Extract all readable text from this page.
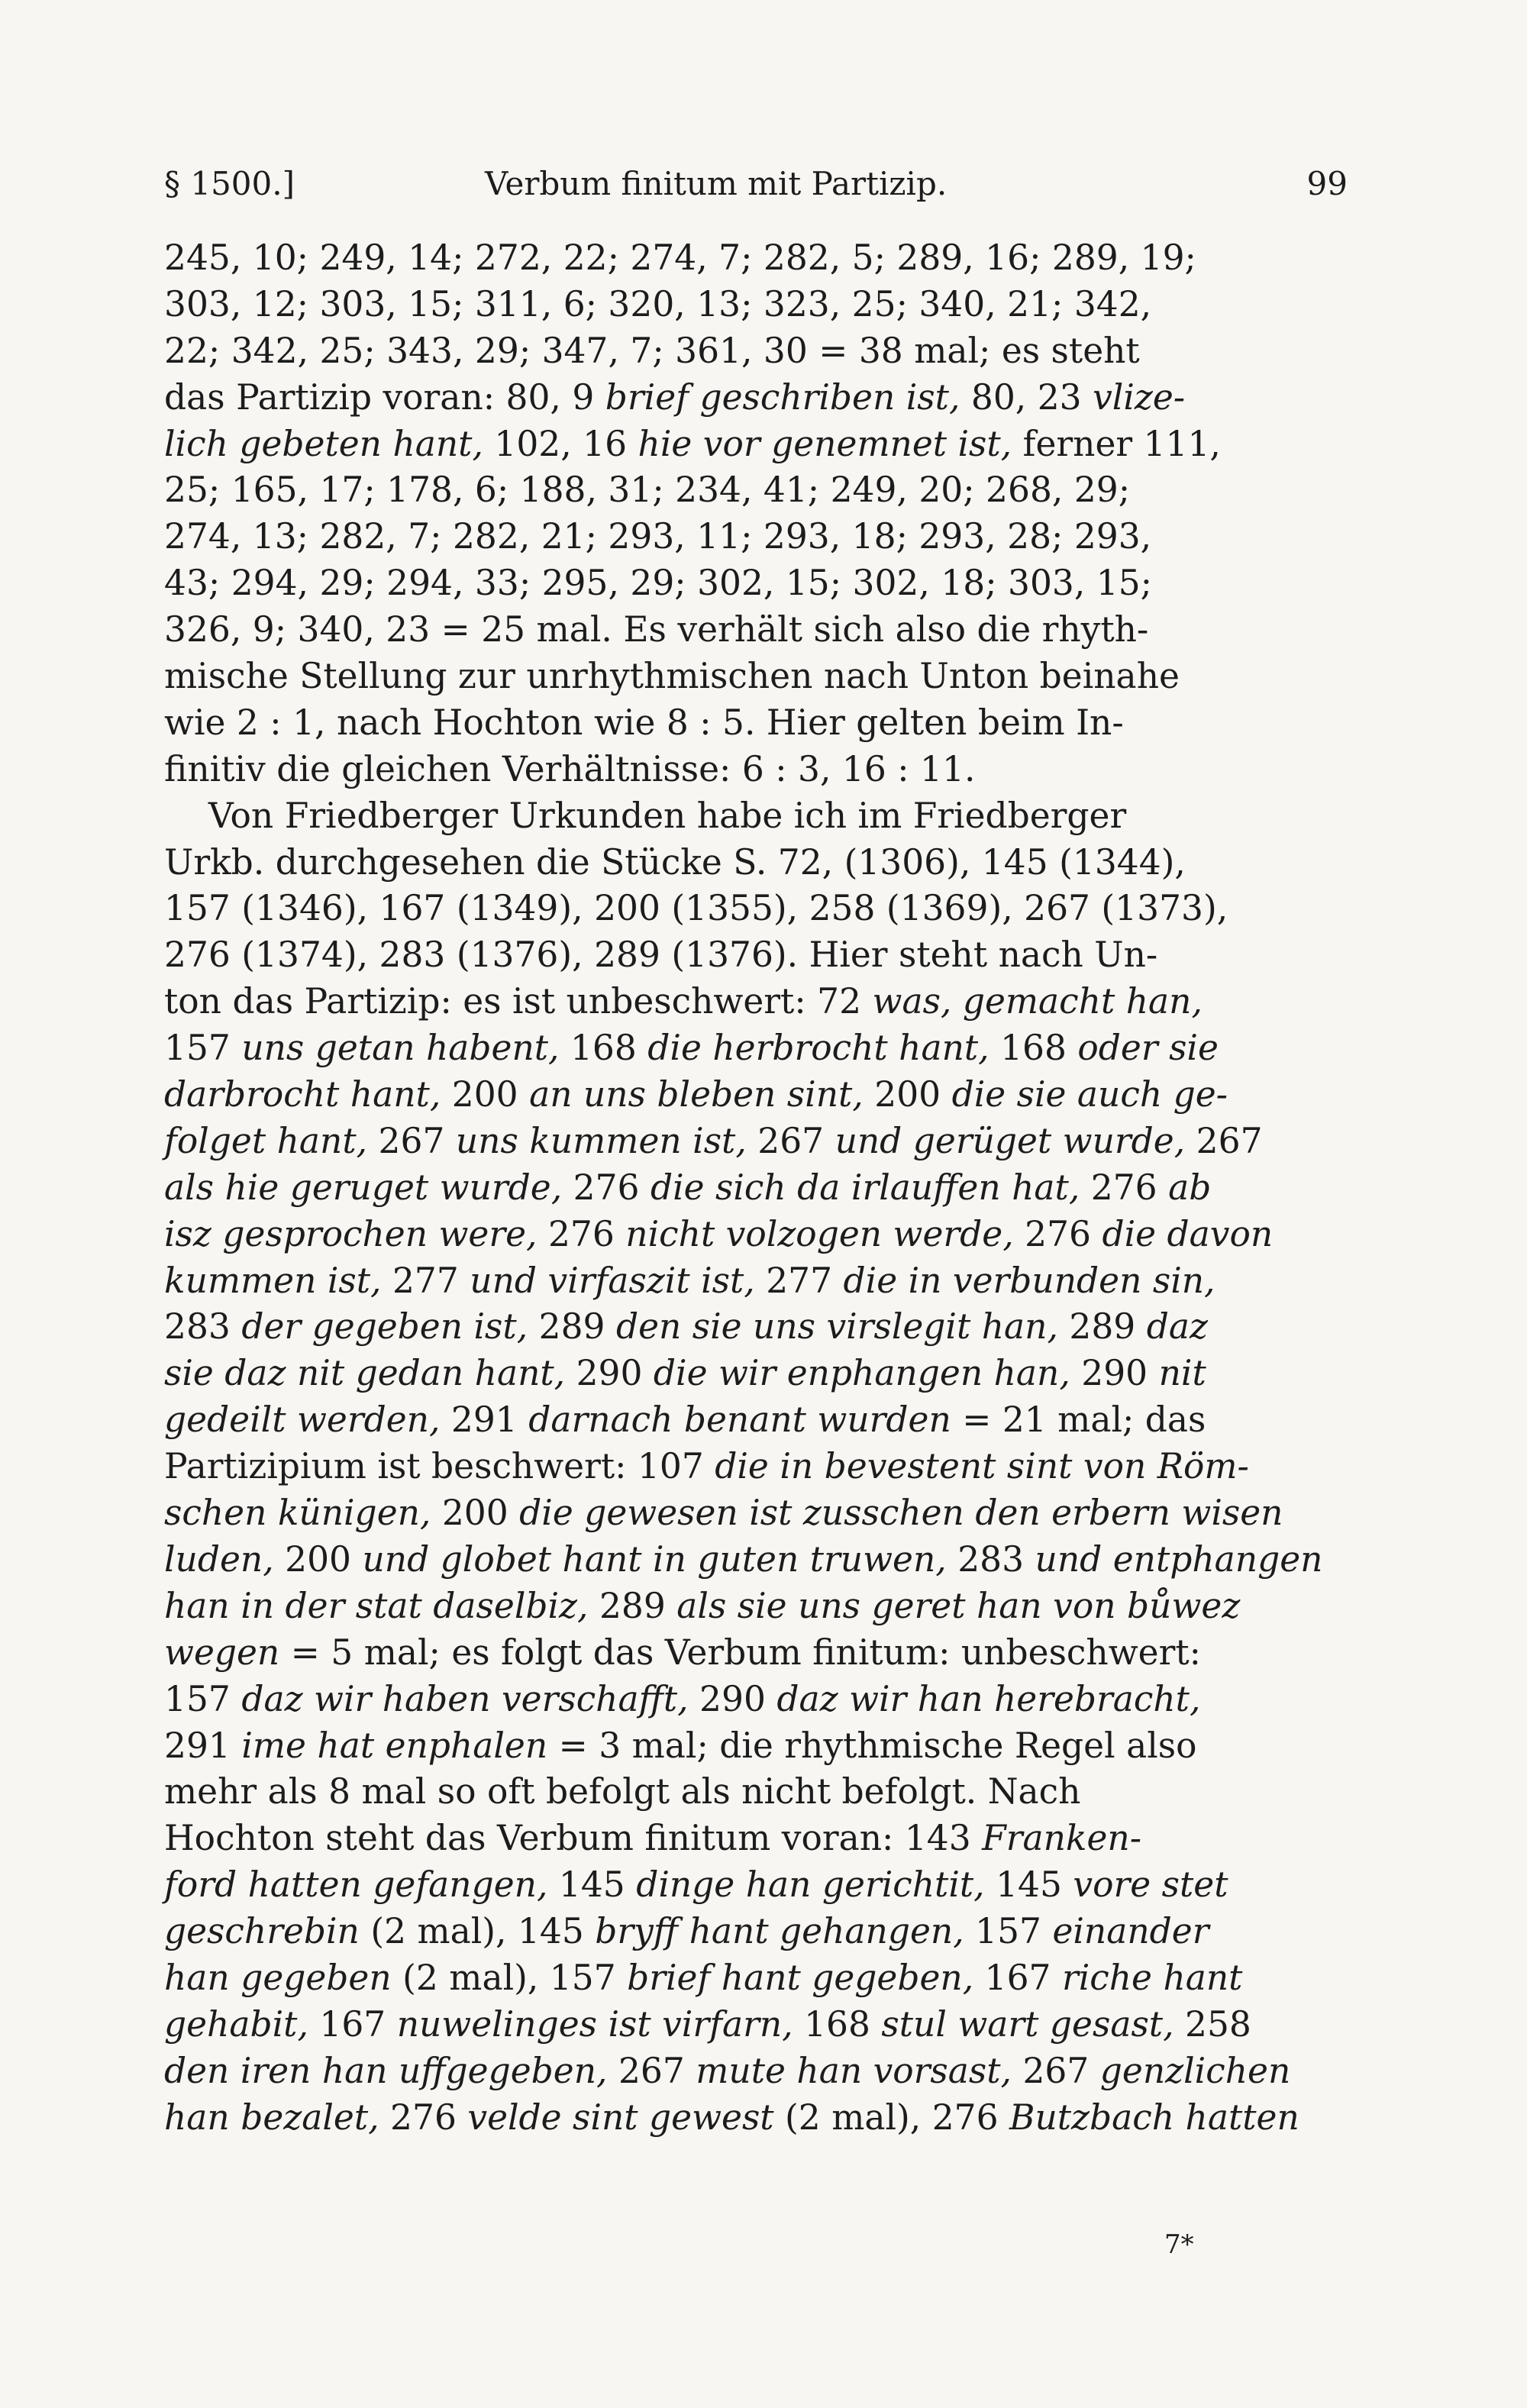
§ 1500.]	Verbum finitum mit Partizip.	99
245, 10; 249, 14; 272, 22; 274, 7; 282, 5; 289, 16; 289, 19;
303, 12; 303, 15; 311, 6; 320, 13; 323, 25; 340, 21; 342,
22; 342, 25; 343, 29; 347, 7; 361, 30 = 38 mal; es steht
das Partizip voran: 80, 9 brief geschriben ist, 80, 23 vlize-
lich gebeten hant, 102, 16 hie vor genemnet ist, ferner 111,
25; 165, 17; 178, 6; 188, 31; 234, 41; 249, 20; 268, 29;
274, 13; 282, 7; 282, 21; 293, 11; 293, 18; 293, 28; 293,
43; 294, 29; 294, 33; 295, 29; 302, 15; 302, 18; 303, 15;
326, 9; 340, 23 = 25 mal. Es verhält sich also die rhyth-
mische Stellung zur unrhythmischen nach Unton beinahe
wie 2 : 1, nach Hochton wie 8 : 5. Hier gelten beim In-
finitiv die gleichen Verhältnisse: 6 : 3, 16 : 11.
Von Friedberger Urkunden habe ich im Friedberger
Urkb. durchgesehen die Stücke S. 72, (1306), 145 (1344),
157 (1346), 167 (1349), 200 (1355), 258 (1369), 267 (1373),
276 (1374), 283 (1376), 289 (1376). Hier steht nach Un-
ton das Partizip: es ist unbeschwert: 72 was, gemacht han,
157 uns getan habent, 168 die herbrocht hant, 168 oder sie
darbrocht hant, 200 an uns bleben sint, 200 die sie auch ge-
folget hant, 267 uns kummen ist, 267 und gerüget wurde, 267
als hie geruget wurde, 276 die sich da irlauffen hat, 276 ab
isz gesprochen were, 276 nicht volzogen werde, 276 die davon
kummen ist, 277 und virfaszit ist, 277 die in verbunden sin,
283 der gegeben ist, 289 den sie uns virslegit han, 289 daz
sie daz nit gedan hant, 290 die wir enphangen han, 290 nit
gedeilt werden, 291 darnach benant wurden = 21 mal; das
Partizipium ist beschwert: 107 die in bevestent sint von Röm-
schen künigen, 200 die gewesen ist zusschen den erbern wisen
luden, 200 und globet hant in guten truwen, 283 und entphangen
han in der stat daselbiz, 289 als sie uns geret han von bůwez
wegen = 5 mal; es folgt das Verbum finitum: unbeschwert:
157 daz wir haben verschafft, 290 daz wir han herebracht,
291 ime hat enphalen = 3 mal; die rhythmische Regel also
mehr als 8 mal so oft befolgt als nicht befolgt. Nach
Hochton steht das Verbum finitum voran: 143 Franken-
ford hatten gefangen, 145 dinge han gerichtit, 145 vore stet
geschrebin (2 mal), 145 bryff hant gehangen, 157 einander
han gegeben (2 mal), 157 brief hant gegeben, 167 riche hant
gehabit, 167 nuwelinges ist virfarn, 168 stul wart gesast, 258
den iren han uffgegeben, 267 mute han vorsast, 267 genzlichen
han bezalet, 276 velde sint gewest (2 mal), 276 Butzbach hatten
7*
